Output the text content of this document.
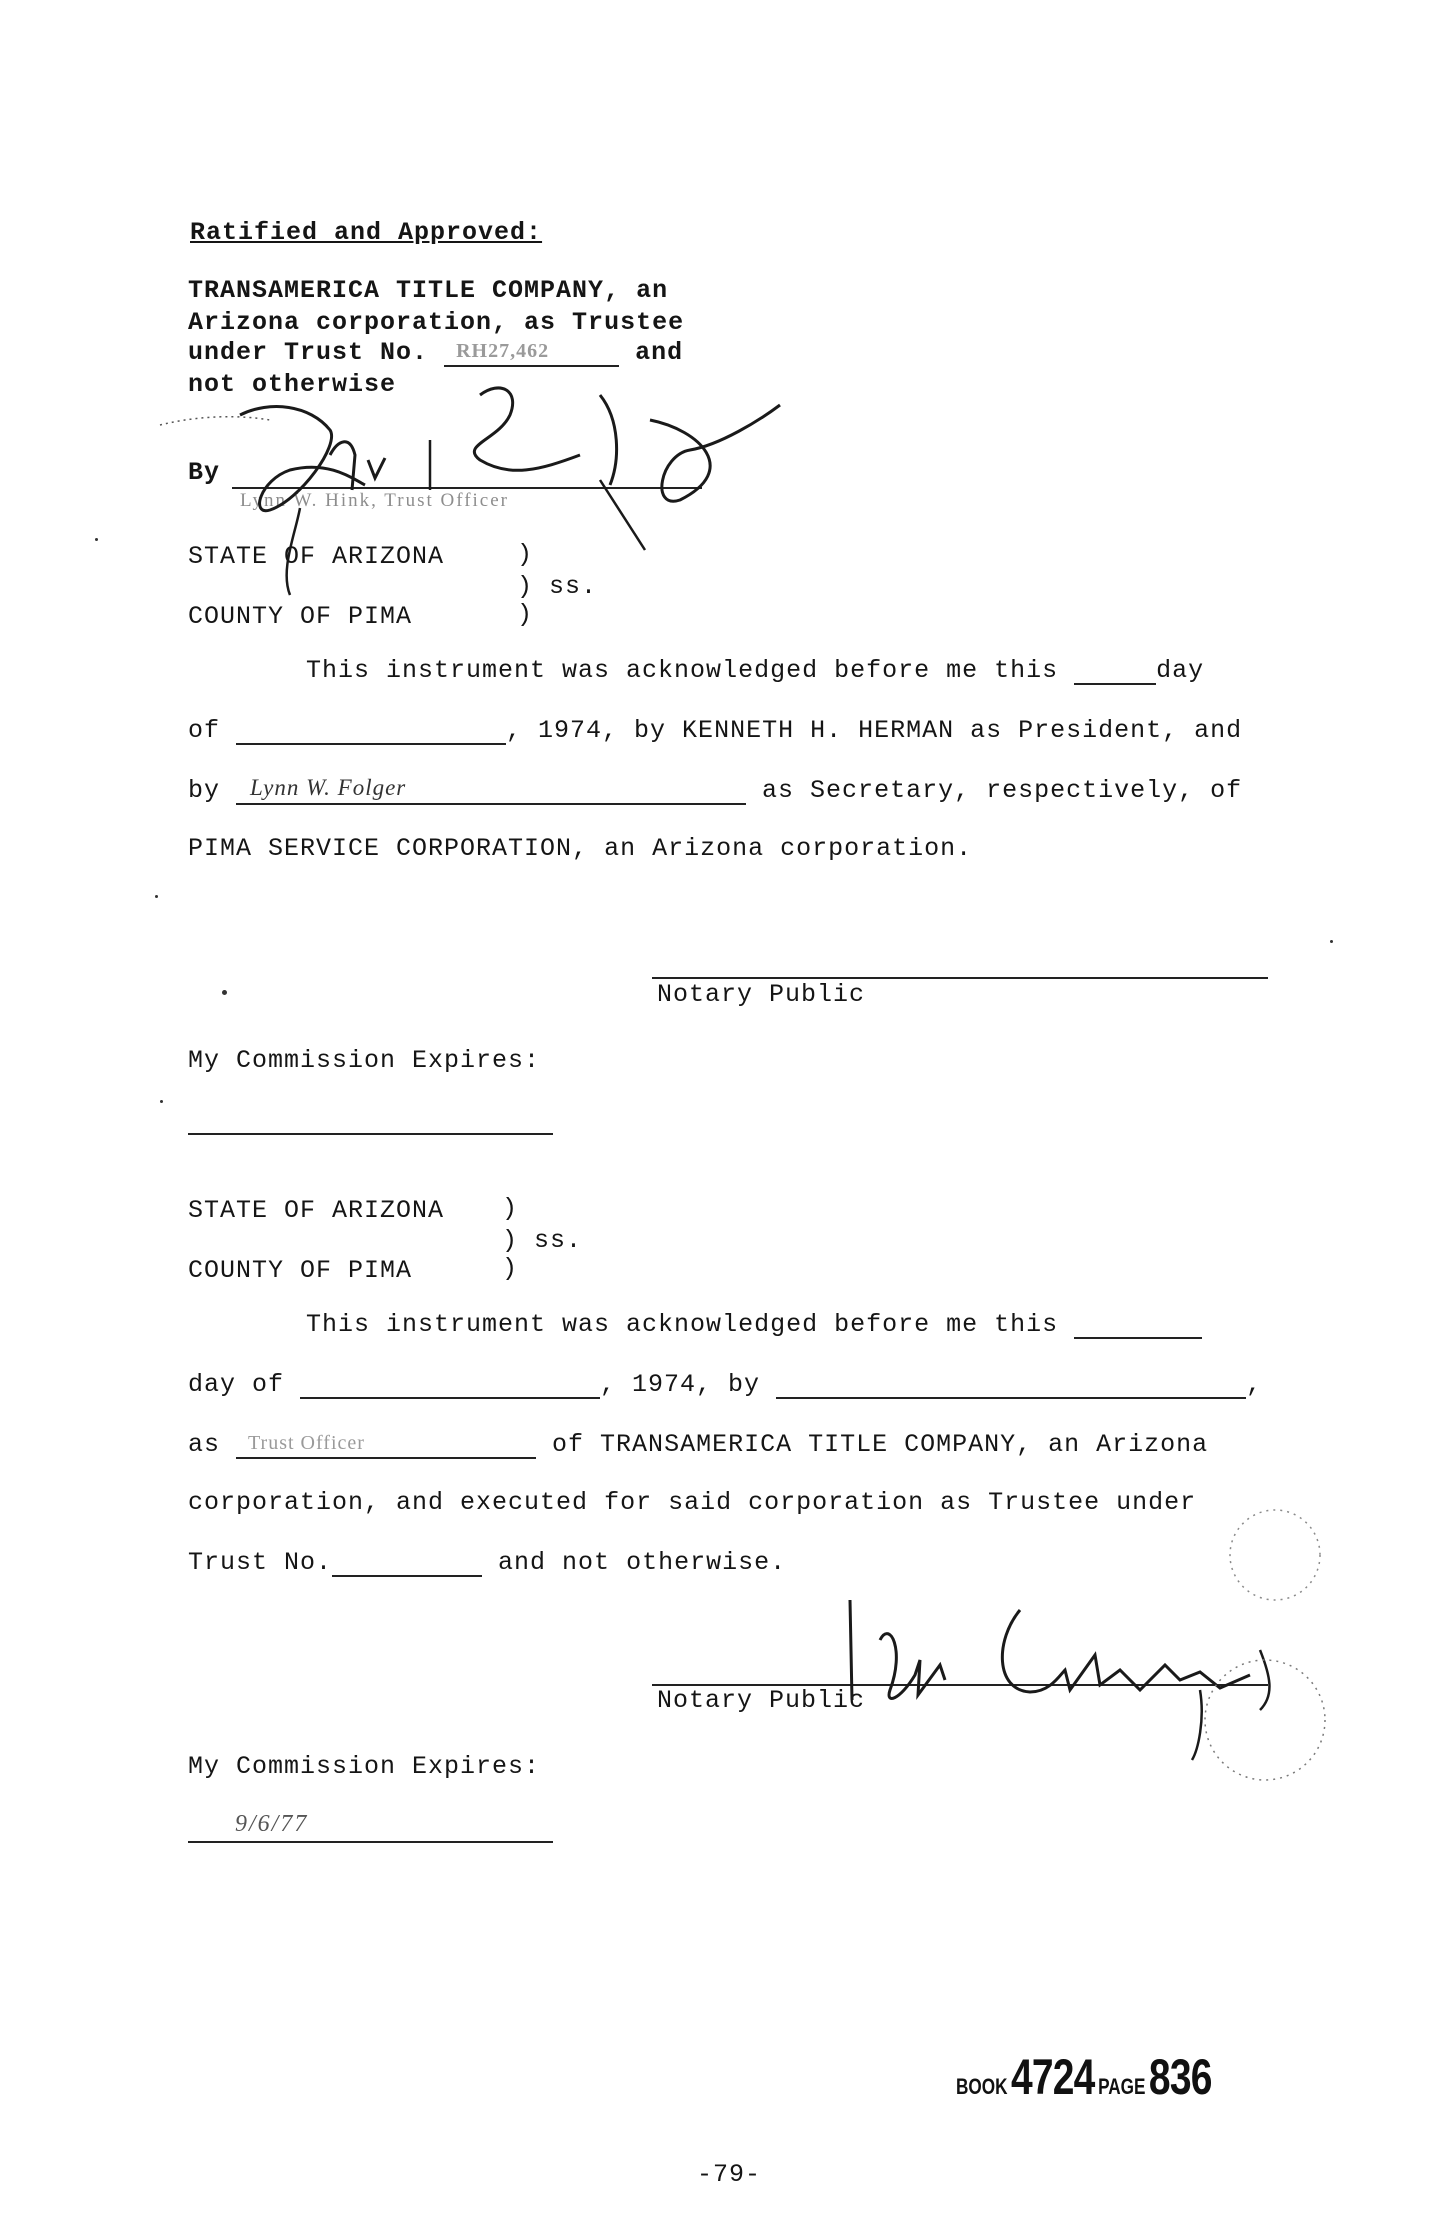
Ratified and Approved:
TRANSAMERICA TITLE COMPANY, an
Arizona corporation, as Trustee
under Trust No. RH27,462	and
not otherwise
By
Lynn W. Hink, Trust Officer
STATE OF ARIZONA	)
) ss.
COUNTY OF PIMA	)
This instrument was acknowledged before me this	day
of	, 1974, by KENNETH H. HERMAN as President, and
by Lynn W. Folger	as Secretary, respectively, of
PIMA SERVICE CORPORATION, an Arizona corporation.
Notary Public
My Commission Expires:
STATE OF ARIZONA )
) ss.
COUNTY OF PIMA	)
This instrument was acknowledged before me this
day of	, 1974, by	,
as Trust Officer	of TRANSAMERICA TITLE COMPANY, an Arizona
corporation, and executed for said corporation as Trustee under
Trust No.	and not otherwise.
Notary Public
My Commission Expires:
9/6/77
BOOK 4724 PAGE 836
-79-
